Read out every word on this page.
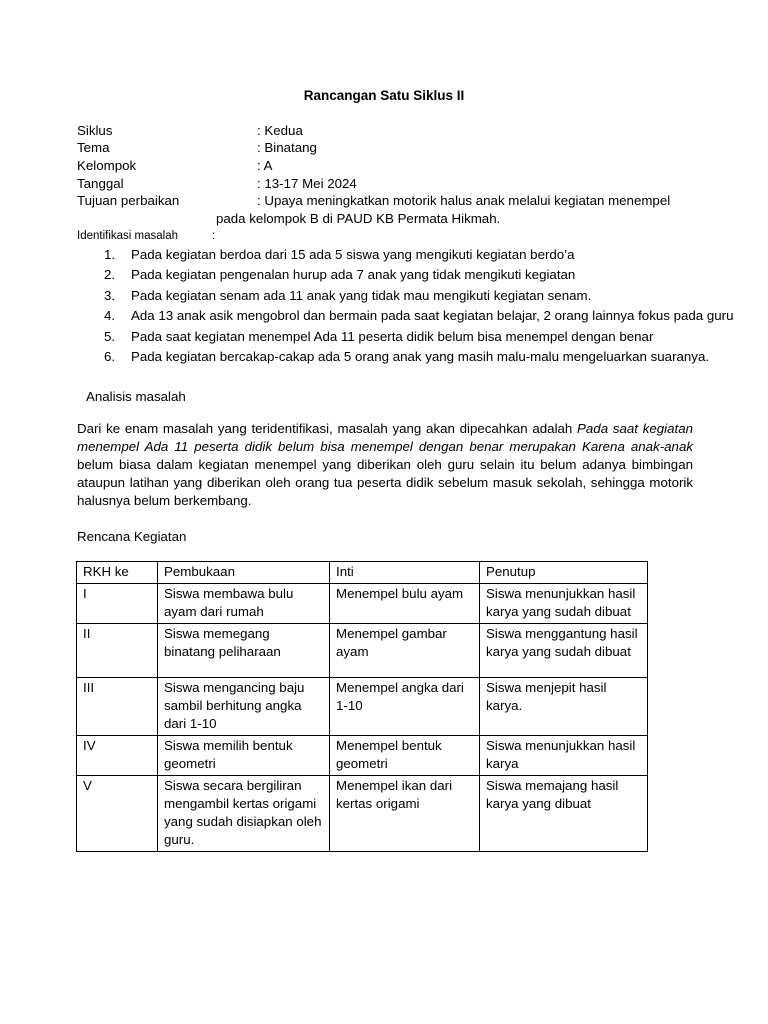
Rancangan Satu Siklus II
Siklus	: Kedua
Tema	: Binatang
Kelompok	: A
Tanggal	: 13-17 Mei 2024
Tujuan perbaikan	: Upaya meningkatkan motorik halus anak melalui kegiatan menempel
pada kelompok B di PAUD KB Permata Hikmah.
Identifikasi masalah	:
1. Pada kegiatan berdoa dari 15 ada 5 siswa yang mengikuti kegiatan berdo’a
2. Pada kegiatan pengenalan hurup ada 7 anak yang tidak mengikuti kegiatan
3. Pada kegiatan senam ada 11 anak yang tidak mau mengikuti kegiatan senam.
4. Ada 13 anak asik mengobrol dan bermain pada saat kegiatan belajar, 2 orang lainnya fokus pada guru
5. Pada saat kegiatan menempel Ada 11 peserta didik belum bisa menempel dengan benar
6. Pada kegiatan bercakap-cakap ada 5 orang anak yang masih malu-malu mengeluarkan suaranya.
Analisis masalah

Dari ke enam masalah yang teridentifikasi, masalah yang akan dipecahkan adalah Pada saat kegiatan menempel Ada 11 peserta didik belum bisa menempel dengan benar merupakan Karena anak-anak belum biasa dalam kegiatan menempel yang diberikan oleh guru selain itu belum adanya bimbingan ataupun latihan yang diberikan oleh orang tua peserta didik sebelum masuk sekolah, sehingga motorik halusnya belum berkembang.

Rencana Kegiatan
RKH ke	Pembukaan	Inti	Penutup
I	Siswa membawa bulu ayam dari rumah	Menempel bulu ayam	Siswa menunjukkan hasil karya yang sudah dibuat
II	Siswa memegang binatang peliharaan	Menempel gambar ayam	Siswa menggantung hasil karya yang sudah dibuat
III	Siswa mengancing baju sambil berhitung angka dari 1-10	Menempel angka dari 1-10	Siswa menjepit hasil karya.
IV	Siswa memilih bentuk geometri	Menempel bentuk geometri	Siswa menunjukkan hasil karya
V	Siswa secara bergiliran mengambil kertas origami yang sudah disiapkan oleh guru.	Menempel ikan dari kertas origami	Siswa memajang hasil karya yang dibuat
